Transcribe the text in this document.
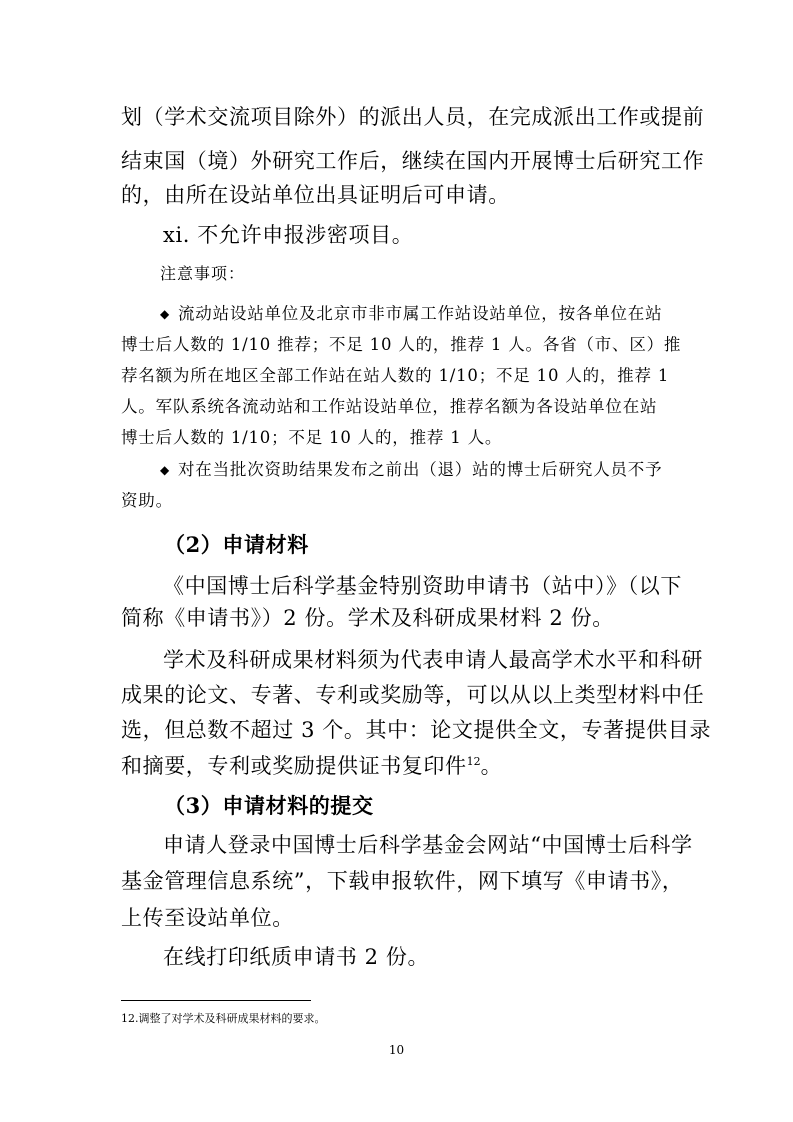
划（学术交流项目除外）的派出人员，在完成派出工作或提前
结束国（境）外研究工作后，继续在国内开展博士后研究工作
的，由所在设站单位出具证明后可申请。
xi. 不允许申报涉密项目。
注意事项：
◆ 流动站设站单位及北京市非市属工作站设站单位，按各单位在站
博士后人数的 1/10 推荐；不足 10 人的，推荐 1 人。各省（市、区）推
荐名额为所在地区全部工作站在站人数的 1/10；不足 10 人的，推荐 1
人。军队系统各流动站和工作站设站单位，推荐名额为各设站单位在站
博士后人数的 1/10；不足 10 人的，推荐 1 人。
◆ 对在当批次资助结果发布之前出（退）站的博士后研究人员不予
资助。
（2）申请材料
《中国博士后科学基金特别资助申请书（站中）》（以下
简称《申请书》）2 份。学术及科研成果材料 2 份。
学术及科研成果材料须为代表申请人最高学术水平和科研
成果的论文、专著、专利或奖励等，可以从以上类型材料中任
选，但总数不超过 3 个。其中：论文提供全文，专著提供目录
和摘要，专利或奖励提供证书复印件$^{12}$。
（3）申请材料的提交
申请人登录中国博士后科学基金会网站“中国博士后科学
基金管理信息系统”，下载申报软件，网下填写《申请书》，
上传至设站单位。
在线打印纸质申请书 2 份。
12.调整了对学术及科研成果材料的要求。
10
